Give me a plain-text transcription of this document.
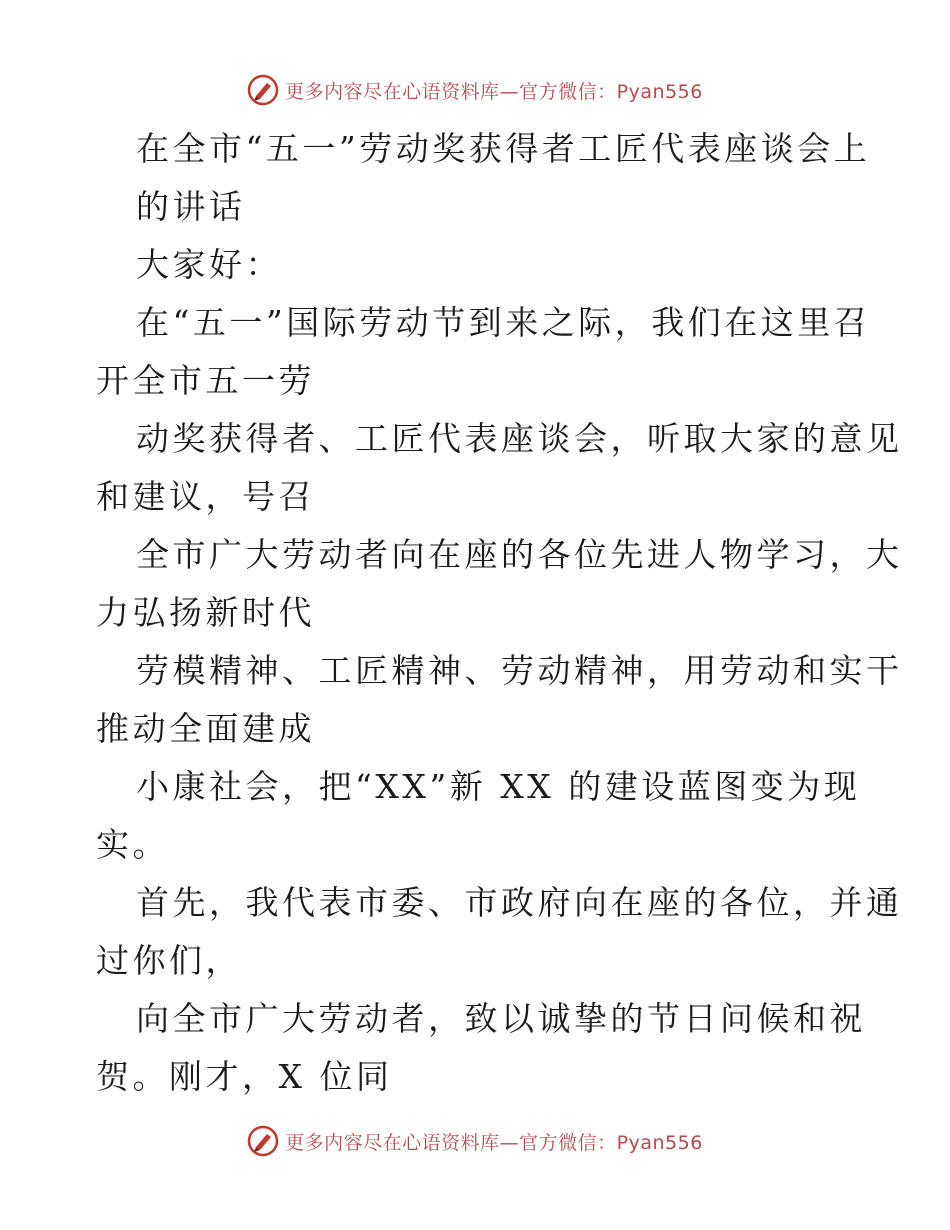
更多内容尽在心语资料库—官方微信：Pyan556
在全市“五一”劳动奖获得者工匠代表座谈会上
的讲话
大家好：
在“五一”国际劳动节到来之际，我们在这里召
开全市五一劳
动奖获得者、工匠代表座谈会，听取大家的意见
和建议，号召
全市广大劳动者向在座的各位先进人物学习，大
力弘扬新时代
劳模精神、工匠精神、劳动精神，用劳动和实干
推动全面建成
小康社会，把“XX”新 XX 的建设蓝图变为现
实。
首先，我代表市委、市政府向在座的各位，并通
过你们，
向全市广大劳动者，致以诚挚的节日问候和祝
贺。刚才，X 位同
更多内容尽在心语资料库—官方微信：Pyan556
